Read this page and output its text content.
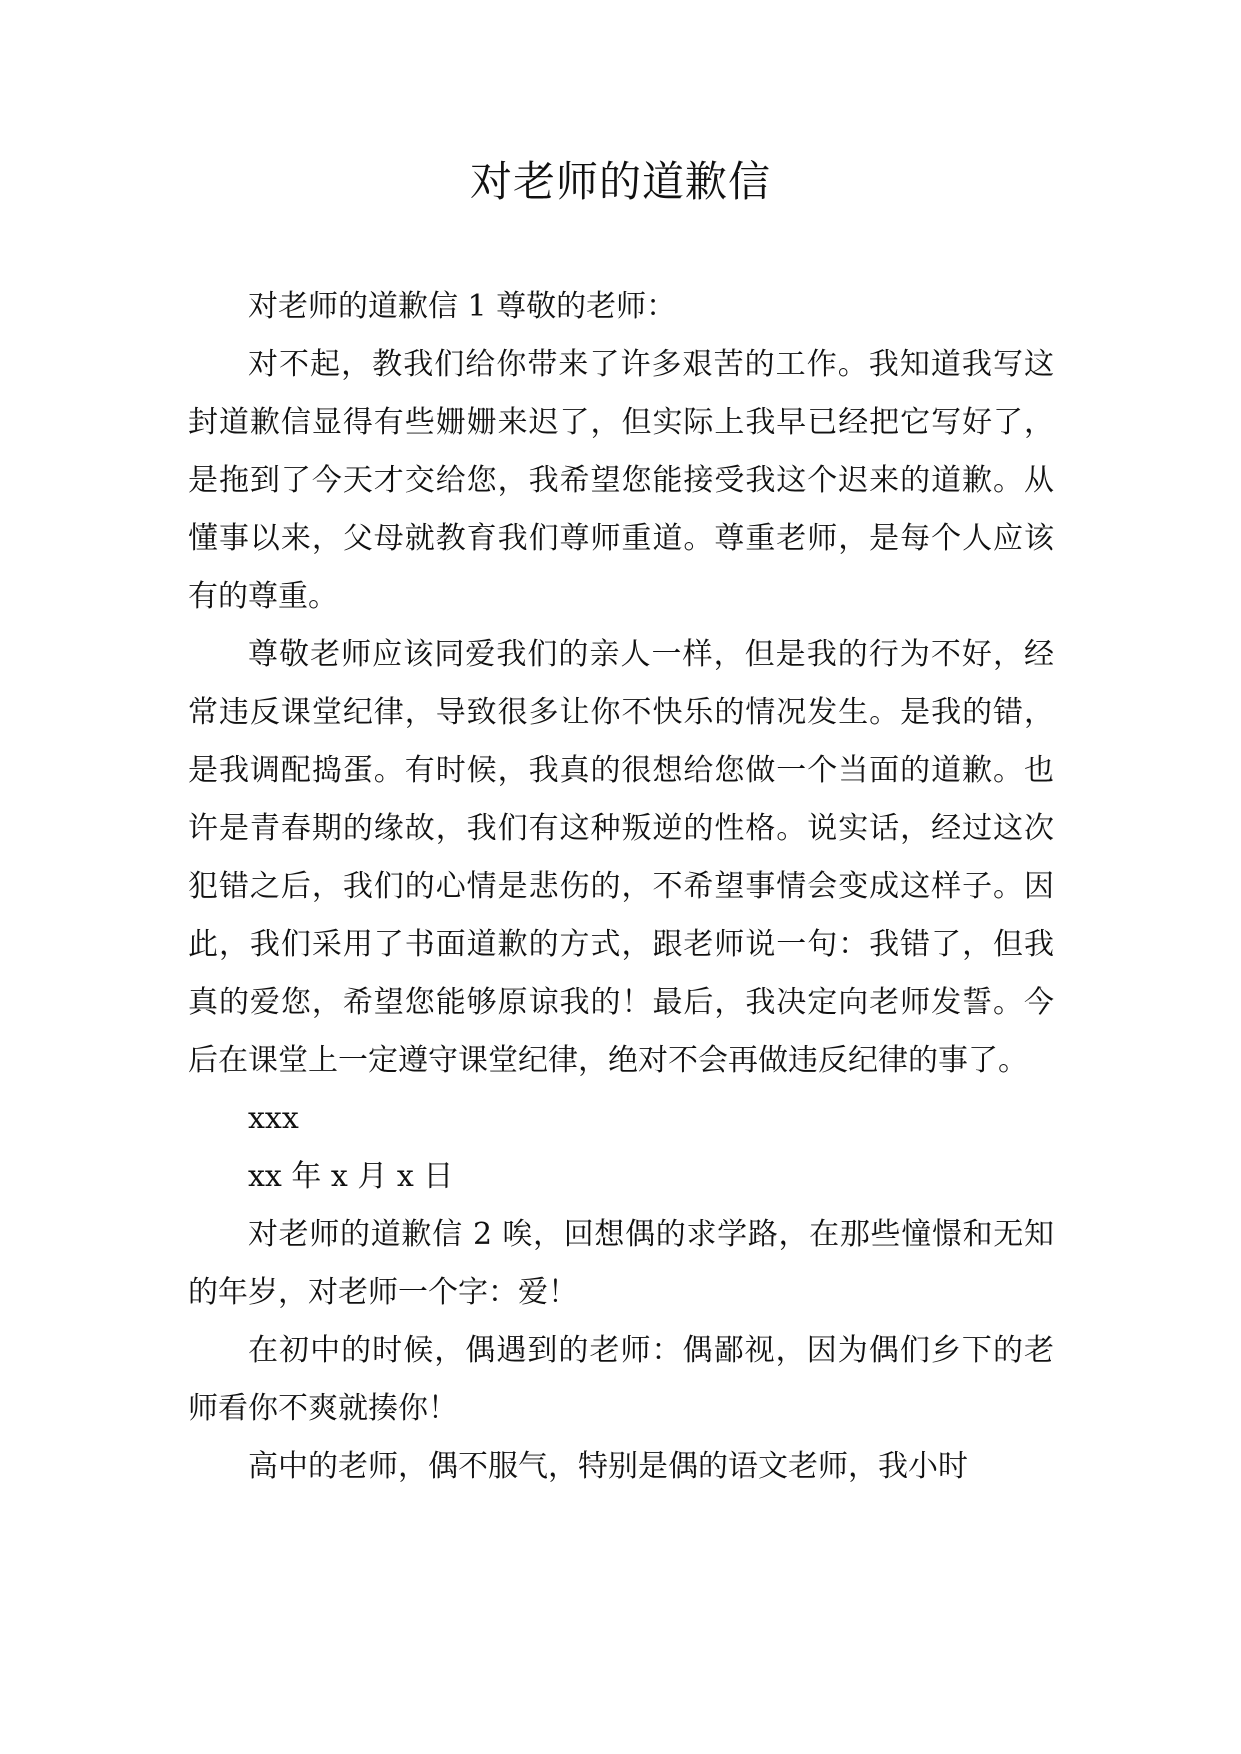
对老师的道歉信

对老师的道歉信 1 尊敬的老师：

对不起，教我们给你带来了许多艰苦的工作。我知道我写这封道歉信显得有些姗姗来迟了，但实际上我早已经把它写好了，是拖到了今天才交给您，我希望您能接受我这个迟来的道歉。从懂事以来，父母就教育我们尊师重道。尊重老师，是每个人应该有的尊重。

尊敬老师应该同爱我们的亲人一样，但是我的行为不好，经常违反课堂纪律，导致很多让你不快乐的情况发生。是我的错，是我调配捣蛋。有时候，我真的很想给您做一个当面的道歉。也许是青春期的缘故，我们有这种叛逆的性格。说实话，经过这次犯错之后，我们的心情是悲伤的，不希望事情会变成这样子。因此，我们采用了书面道歉的方式，跟老师说一句：我错了，但我真的爱您，希望您能够原谅我的！最后，我决定向老师发誓。今后在课堂上一定遵守课堂纪律，绝对不会再做违反纪律的事了。

xxx

xx 年 x 月 x 日

对老师的道歉信 2 唉，回想偶的求学路，在那些憧憬和无知的年岁，对老师一个字：爱！

在初中的时候，偶遇到的老师：偶鄙视，因为偶们乡下的老师看你不爽就揍你！

高中的老师，偶不服气，特别是偶的语文老师，我小时
